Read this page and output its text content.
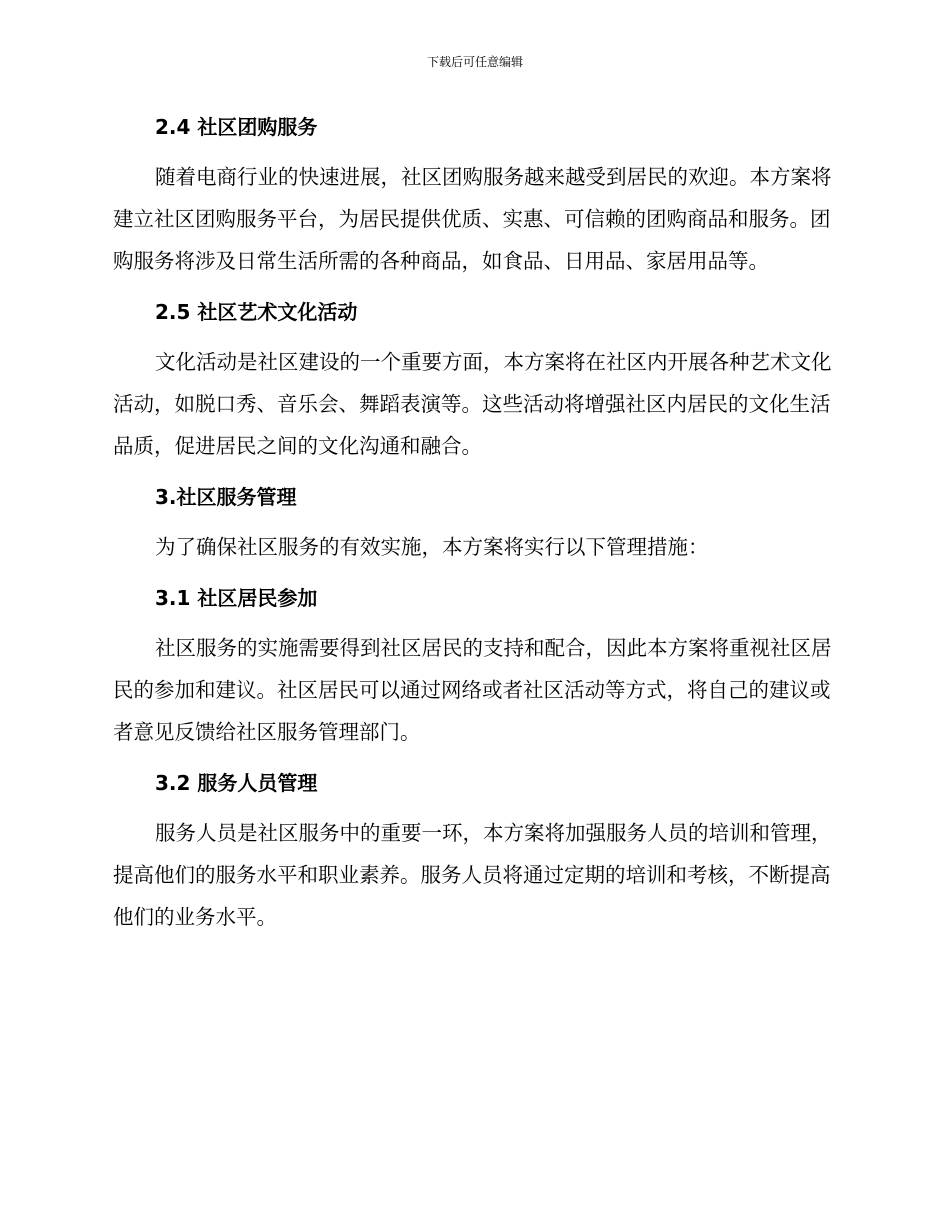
下载后可任意编辑
2.4 社区团购服务
随着电商行业的快速进展，社区团购服务越来越受到居民的欢迎。本方案将建立社区团购服务平台，为居民提供优质、实惠、可信赖的团购商品和服务。团购服务将涉及日常生活所需的各种商品，如食品、日用品、家居用品等。
2.5 社区艺术文化活动
文化活动是社区建设的一个重要方面，本方案将在社区内开展各种艺术文化活动，如脱口秀、音乐会、舞蹈表演等。这些活动将增强社区内居民的文化生活品质，促进居民之间的文化沟通和融合。
3.社区服务管理
为了确保社区服务的有效实施，本方案将实行以下管理措施：
3.1 社区居民参加
社区服务的实施需要得到社区居民的支持和配合，因此本方案将重视社区居民的参加和建议。社区居民可以通过网络或者社区活动等方式，将自己的建议或者意见反馈给社区服务管理部门。
3.2 服务人员管理
服务人员是社区服务中的重要一环，本方案将加强服务人员的培训和管理，提高他们的服务水平和职业素养。服务人员将通过定期的培训和考核，不断提高他们的业务水平。
